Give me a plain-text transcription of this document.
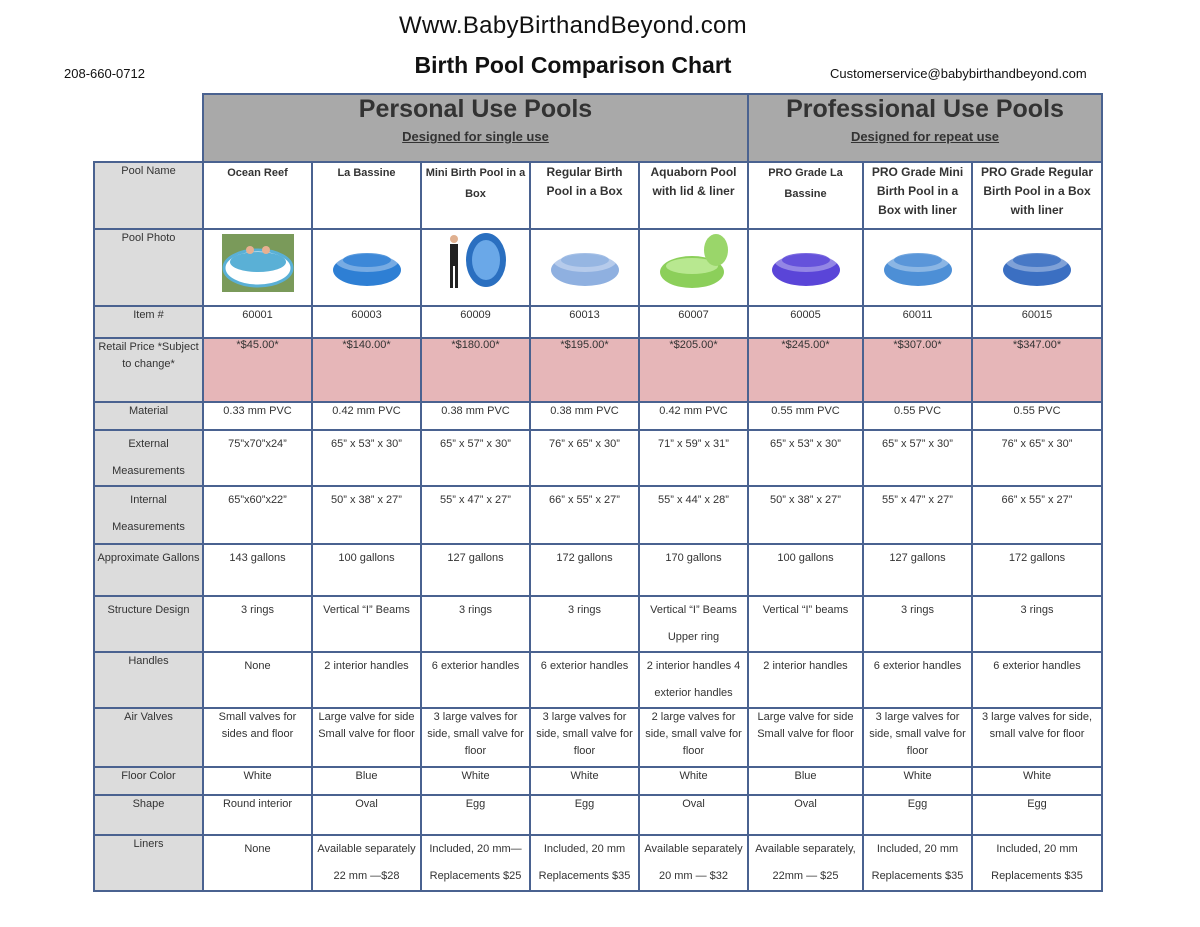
Www.BabyBirthandBeyond.com
Birth Pool Comparison Chart
208-660-0712	Customerservice@babybirthandbeyond.com

	Personal Use Pools
Designed for single use					Professional Use Pools
Designed for repeat use		

Pool Name	Ocean Reef	La Bassine	Mini Birth Pool in a Box	Regular Birth Pool in a Box	Aquaborn Pool with lid & liner	PRO Grade La Bassine	PRO Grade Mini Birth Pool in a Box with liner	PRO Grade Regular Birth Pool in a Box with liner
Pool Photo	

Item #	60001	60003	60009	60013	60007	60005	60011	60015
Retail Price *Subject to change*	*$45.00*	*$140.00*	*$180.00*	*$195.00*	*$205.00*	*$245.00*	*$307.00*	*$347.00*
Material	0.33 mm PVC	0.42 mm PVC	0.38 mm PVC	0.38 mm PVC	0.42 mm PVC	0.55 mm PVC	0.55 PVC	0.55 PVC
External Measurements	75”x70”x24”	65” x 53” x 30”	65” x 57” x 30”	76” x 65” x 30”	71” x 59” x 31”	65” x 53” x 30”	65” x 57” x 30”	76” x 65” x 30”
Internal Measurements	65”x60”x22”	50” x 38” x 27”	55” x 47” x 27”	66” x 55” x 27”	55” x 44” x 28”	50” x 38” x 27”	55” x 47” x 27”	66” x 55” x 27”
Approximate Gallons	143 gallons	100 gallons	127 gallons	172 gallons	170 gallons	100 gallons	127 gallons	172 gallons
Structure Design	3 rings	Vertical “I” Beams	3 rings	3 rings	Vertical “I” Beams Upper ring	Vertical “I” beams	3 rings	3 rings
Handles	None	2 interior handles	6 exterior handles	6 exterior handles	2 interior handles 4 exterior handles	2 interior handles	6 exterior handles	6 exterior handles
Air Valves	Small valves for sides and floor	Large valve for side Small valve for floor	3 large valves for side, small valve for floor	3 large valves for side, small valve for floor	2 large valves for side, small valve for floor	Large valve for side Small valve for floor	3 large valves for side, small valve for floor	3 large valves for side, small valve for floor
Floor Color	White	Blue	White	White	White	Blue	White	White
Shape	Round interior	Oval	Egg	Egg	Oval	Oval	Egg	Egg
Liners	None	Available separately 22 mm —$28	Included, 20 mm— Replacements $25	Included, 20 mm Replacements $35	Available separately 20 mm — $32	Available separately, 22mm — $25	Included, 20 mm Replacements $35	Included, 20 mm Replacements $35
